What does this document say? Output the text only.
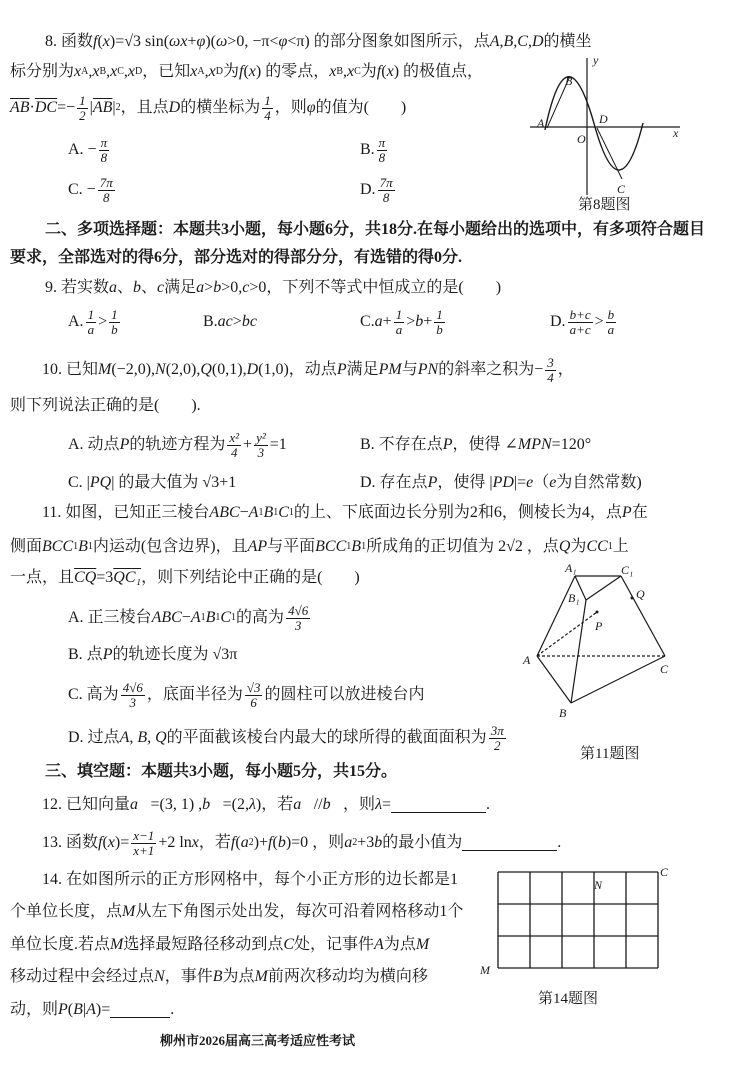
8. 函数 f ( x )=√3 sin( ωx + φ )( ω >0, −π< φ <π) 的部分图象如图所示，点 A,B,C,D 的横坐
标分别为 x A , x B , x C , x D ，已知 x A , x D 为 f ( x ) 的零点， x B , x C 为 f ( x ) 的极值点，
$\overline{AB} \cdot \overline{DC} =- \frac{1}{2}$ | $\overline{AB}$ | 2 ，且点 D 的横坐标为 $\frac{1}{4}$ ，则 φ 的值为(　　)
A. − $\frac{\pi}{8}$	B. $\frac{\pi}{8}$
C. − $\frac{7\pi}{8}$	D. $\frac{7\pi}{8}$
二、多项选择题：本题共3小题，每小题6分，共18分.在每小题给出的选项中，有多项符合题目
要求，全部选对的得6分，部分选对的得部分分，有选错的得0分.
9. 若实数 a 、 b 、 c 满足 a > b >0, c >0，下列不等式中恒成立的是(　　)
A. $\frac{1}{a} > \frac{1}{b}$	B. ac > bc	C. $a + \frac{1}{a} > b + \frac{1}{b}$	D. $\frac{b+c}{a+c} > \frac{b}{a}$
10. 已知 M (−2,0), N (2,0), Q (0,1), D (1,0)，动点 P 满足 PM 与 PN 的斜率之积为− $\frac{3}{4}$ ，
则下列说法正确的是(　　).
A. 动点 P 的轨迹方程为 $\frac{\text{x²}}{4} + \frac{\text{y²}}{3} =1$	B. 不存在点 P ，使得 ∠ MPN =120°
C. | PQ | 的最大值为 √3+1	D. 存在点 P ，使得 | PD |= e （ e 为自然常数)
11. 如图，已知正三棱台 ABC − A 1 B 1 C 1 的上、下底面边长分别为2和6，侧棱长为4，点 P 在
侧面 BCC 1 B 1 内运动(包含边界)，且 AP 与平面 BCC 1 B 1 所成角的正切值为 2√2 ，点 Q 为 CC 1 上
一点，且 $\overline{CQ} =3$ QC₁ ，则下列结论中正确的是(　　)
A. 正三棱台 ABC − A 1 B 1 C 1 的高为 $\frac{4√6}{3}$
B. 点 P 的轨迹长度为 √3π
C. 高为 $\frac{4√6}{3}$ ，底面半径为 $\frac{√3}{6}$ 的圆柱可以放进棱台内
D. 过点 A, B, Q 的平面截该棱台内最大的球所得的截面面积为 $\frac{3\pi}{2}$
三、填空题：本题共3小题，每小题5分，共15分。
12. 已知向量 a⃗ =(3, 1) , b⃗ =(2, λ )，若 a⃗ // b⃗ ，则 λ =	.
13. 函数 f ( x )= $\frac{x-1}{x+1} +2$ ln x ，若 f ( a 2 )+ f ( b )=0 ，则 a 2 +3 b 的最小值为	.
14. 在如图所示的正方形网格中，每个小正方形的边长都是1
个单位长度，点 M 从左下角图示处出发，每次可沿着网格移动1个
单位长度.若点 M 选择最短路径移动到点 C 处，记事件 A 为点 M
移动过程中会经过点 N ，事件 B 为点 M 前两次移动均为横向移
动，则 P ( B | A )=	.
y
x
O
A
B
D
C
第8题图
A₁	C₁
B₁	Q
P
A
C
B
第11题图
M
N
C
第14题图
柳州市2026届高三高考适应性考试
